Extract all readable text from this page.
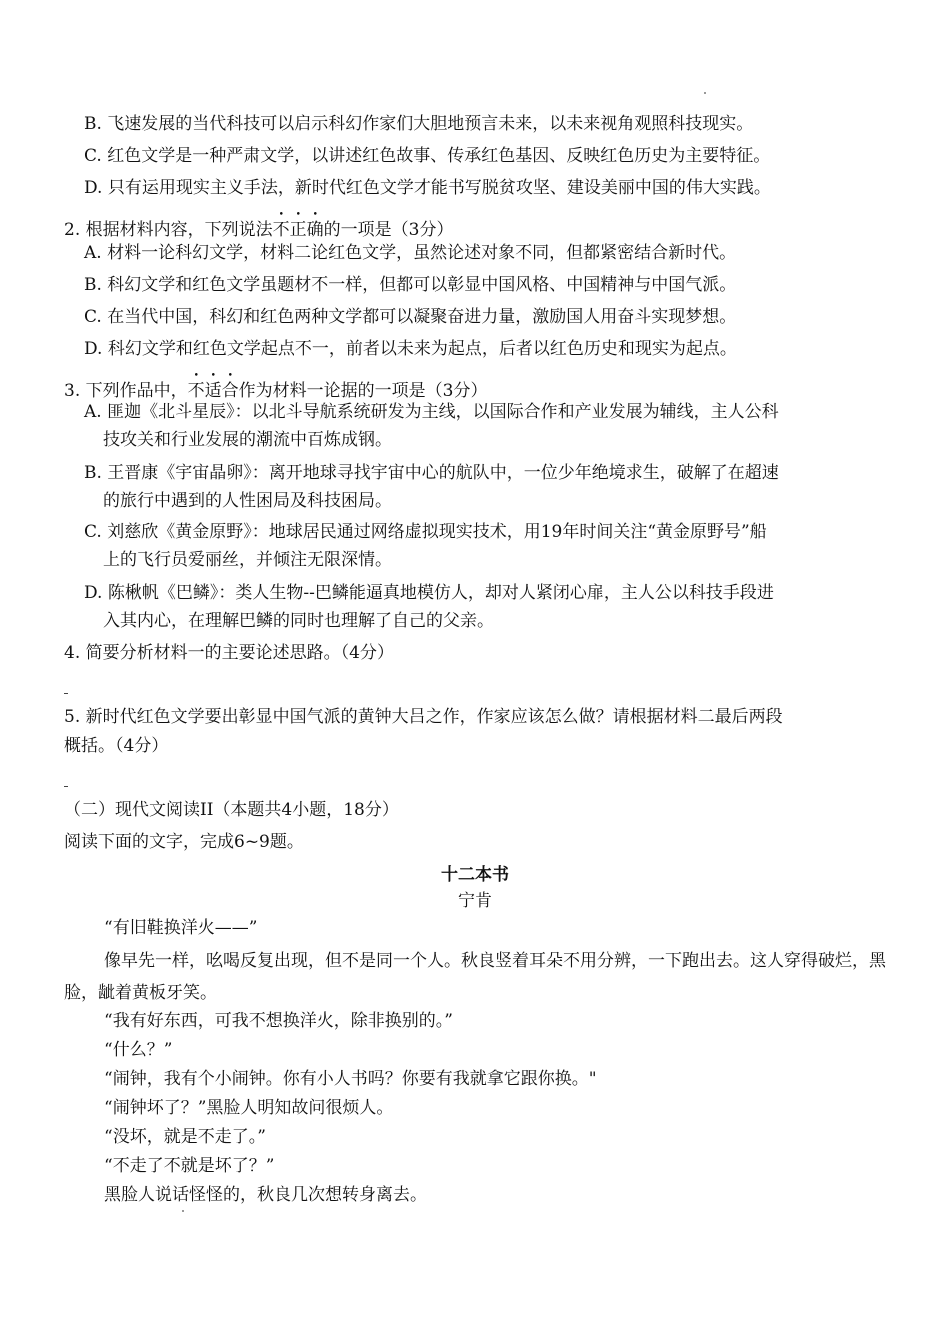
B. 飞速发展的当代科技可以启示科幻作家们大胆地预言未来，以未来视角观照科技现实。
C. 红色文学是一种严肃文学，以讲述红色故事、传承红色基因、反映红色历史为主要特征。
D. 只有运用现实主义手法，新时代红色文学才能书写脱贫攻坚、建设美丽中国的伟大实践。
2. 根据材料内容，下列说法不正确的一项是（3分）
A. 材料一论科幻文学，材料二论红色文学，虽然论述对象不同，但都紧密结合新时代。
B. 科幻文学和红色文学虽题材不一样，但都可以彰显中国风格、中国精神与中国气派。
C. 在当代中国，科幻和红色两种文学都可以凝聚奋进力量，激励国人用奋斗实现梦想。
D. 科幻文学和红色文学起点不一，前者以未来为起点，后者以红色历史和现实为起点。
3. 下列作品中，不适合作为材料一论据的一项是（3分）
A. 匪迦《北斗星辰》：以北斗导航系统研发为主线，以国际合作和产业发展为辅线，主人公科
技攻关和行业发展的潮流中百炼成钢。
B. 王晋康《宇宙晶卵》：离开地球寻找宇宙中心的航队中，一位少年绝境求生，破解了在超速
的旅行中遇到的人性困局及科技困局。
C. 刘慈欣《黄金原野》：地球居民通过网络虚拟现实技术，用19年时间关注“黄金原野号”船
上的飞行员爱丽丝，并倾注无限深情。
D. 陈楸帆《巴鳞》：类人生物--巴鳞能逼真地模仿人，却对人紧闭心扉，主人公以科技手段进
入其内心，在理解巴鳞的同时也理解了自己的父亲。
4. 简要分析材料一的主要论述思路。（4分）
5. 新时代红色文学要出彰显中国气派的黄钟大吕之作，作家应该怎么做？请根据材料二最后两段
概括。（4分）
（二）现代文阅读II（本题共4小题，18分）
阅读下面的文字，完成6~9题。
十二本书
宁肯
“有旧鞋换洋火——”
像早先一样，吆喝反复出现，但不是同一个人。秋良竖着耳朵不用分辨，一下跑出去。这人穿得破烂，黑脸，龇着黄板牙笑。
“我有好东西，可我不想换洋火，除非换别的。”
“什么？”
“闹钟，我有个小闹钟。你有小人书吗？你要有我就拿它跟你换。"
“闹钟坏了？”黑脸人明知故问很烦人。
“没坏，就是不走了。”
“不走了不就是坏了？”
黑脸人说话怪怪的，秋良几次想转身离去。
